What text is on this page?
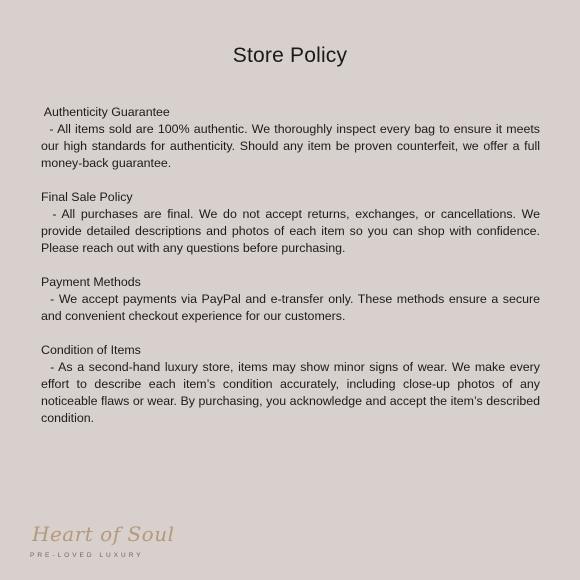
Store Policy
Authenticity Guarantee
- All items sold are 100% authentic. We thoroughly inspect every bag to ensure it meets our high standards for authenticity. Should any item be proven counterfeit, we offer a full money-back guarantee.
Final Sale Policy
- All purchases are final. We do not accept returns, exchanges, or cancellations. We provide detailed descriptions and photos of each item so you can shop with confidence. Please reach out with any questions before purchasing.
Payment Methods
- We accept payments via PayPal and e-transfer only. These methods ensure a secure and convenient checkout experience for our customers.
Condition of Items
- As a second-hand luxury store, items may show minor signs of wear. We make every effort to describe each item’s condition accurately, including close-up photos of any noticeable flaws or wear. By purchasing, you acknowledge and accept the item’s described condition.
Heart of Soul
PRE-LOVED LUXURY
